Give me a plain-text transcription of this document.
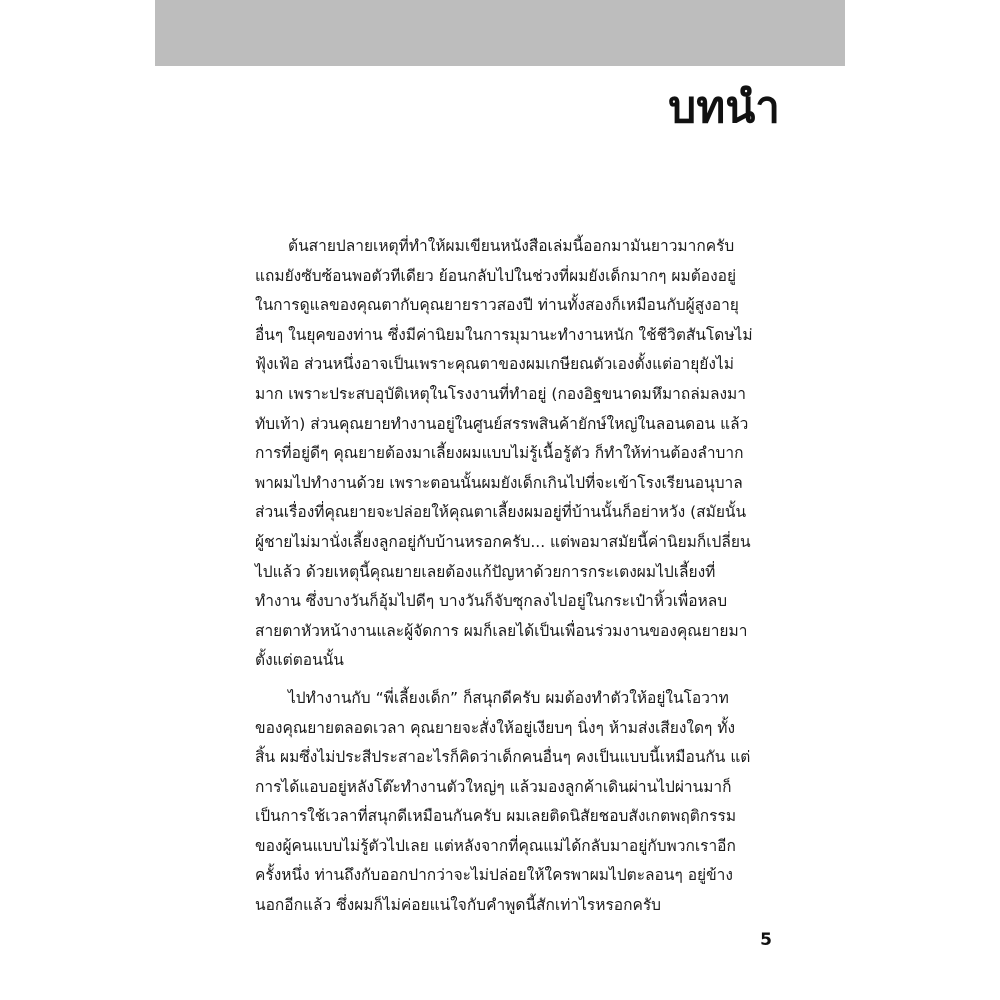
บทนำ

ต้นสายปลายเหตุที่ทำให้ผมเขียนหนังสือเล่มนี้ออกมามันยาวมากครับ
แถมยังซับซ้อนพอตัวทีเดียว ย้อนกลับไปในช่วงที่ผมยังเด็กมากๆ ผมต้องอยู่
ในการดูแลของคุณตากับคุณยายราวสองปี ท่านทั้งสองก็เหมือนกับผู้สูงอายุ
อื่นๆ ในยุคของท่าน ซึ่งมีค่านิยมในการมุมานะทำงานหนัก ใช้ชีวิตสันโดษไม่
ฟุ้งเฟ้อ ส่วนหนึ่งอาจเป็นเพราะคุณตาของผมเกษียณตัวเองตั้งแต่อายุยังไม่
มาก เพราะประสบอุบัติเหตุในโรงงานที่ทำอยู่ (กองอิฐขนาดมหึมาถล่มลงมา
ทับเท้า) ส่วนคุณยายทำงานอยู่ในศูนย์สรรพสินค้ายักษ์ใหญ่ในลอนดอน แล้ว
การที่อยู่ดีๆ คุณยายต้องมาเลี้ยงผมแบบไม่รู้เนื้อรู้ตัว ก็ทำให้ท่านต้องลำบาก
พาผมไปทำงานด้วย เพราะตอนนั้นผมยังเด็กเกินไปที่จะเข้าโรงเรียนอนุบาล
ส่วนเรื่องที่คุณยายจะปล่อยให้คุณตาเลี้ยงผมอยู่ที่บ้านนั้นก็อย่าหวัง (สมัยนั้น
ผู้ชายไม่มานั่งเลี้ยงลูกอยู่กับบ้านหรอกครับ... แต่พอมาสมัยนี้ค่านิยมก็เปลี่ยน
ไปแล้ว ด้วยเหตุนี้คุณยายเลยต้องแก้ปัญหาด้วยการกระเตงผมไปเลี้ยงที่
ทำงาน ซึ่งบางวันก็อุ้มไปดีๆ บางวันก็จับซุกลงไปอยู่ในกระเป๋าหิ้วเพื่อหลบ
สายตาหัวหน้างานและผู้จัดการ ผมก็เลยได้เป็นเพื่อนร่วมงานของคุณยายมา
ตั้งแต่ตอนนั้น

ไปทำงานกับ “พี่เลี้ยงเด็ก” ก็สนุกดีครับ ผมต้องทำตัวให้อยู่ในโอวาท
ของคุณยายตลอดเวลา คุณยายจะสั่งให้อยู่เงียบๆ นิ่งๆ ห้ามส่งเสียงใดๆ ทั้ง
สิ้น ผมซึ่งไม่ประสีประสาอะไรก็คิดว่าเด็กคนอื่นๆ คงเป็นแบบนี้เหมือนกัน แต่
การได้แอบอยู่หลังโต๊ะทำงานตัวใหญ่ๆ แล้วมองลูกค้าเดินผ่านไปผ่านมาก็
เป็นการใช้เวลาที่สนุกดีเหมือนกันครับ ผมเลยติดนิสัยชอบสังเกตพฤติกรรม
ของผู้คนแบบไม่รู้ตัวไปเลย แต่หลังจากที่คุณแม่ได้กลับมาอยู่กับพวกเราอีก
ครั้งหนึ่ง ท่านถึงกับออกปากว่าจะไม่ปล่อยให้ใครพาผมไปตะลอนๆ อยู่ข้าง
นอกอีกแล้ว ซึ่งผมก็ไม่ค่อยแน่ใจกับคำพูดนี้สักเท่าไรหรอกครับ

5
